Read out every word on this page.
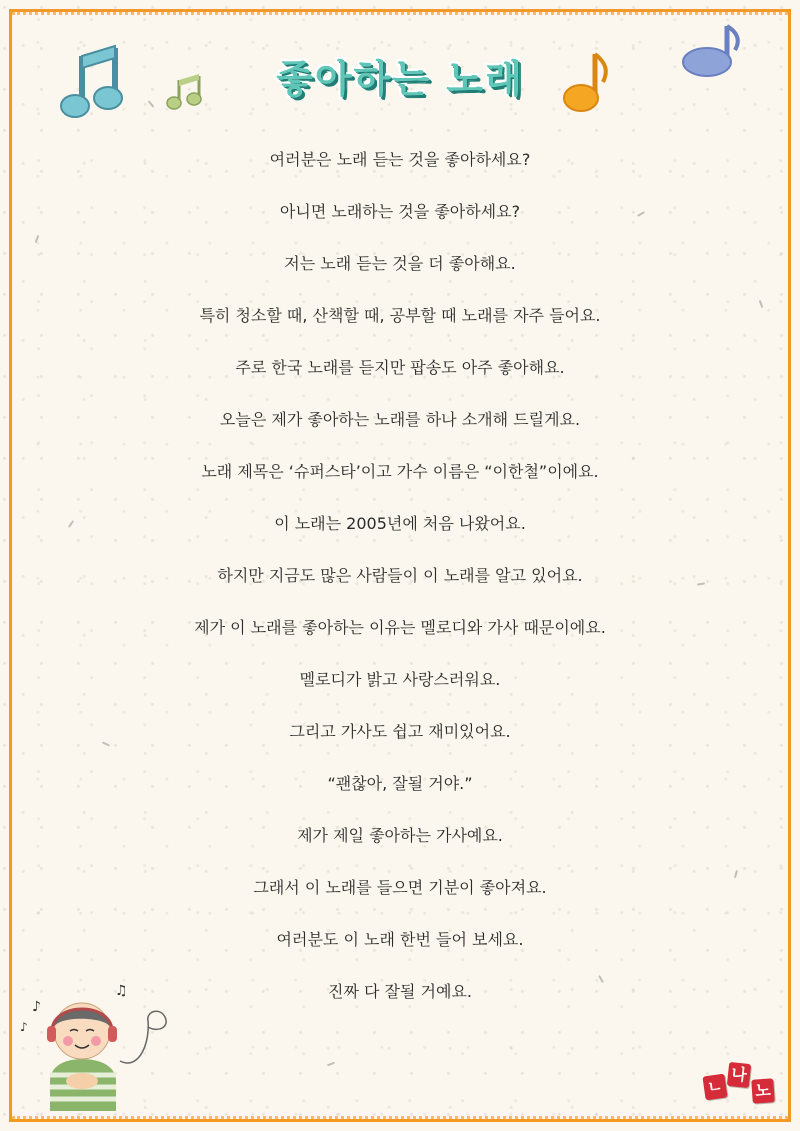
좋아하는 노래
여러분은 노래 듣는 것을 좋아하세요?
아니면 노래하는 것을 좋아하세요?
저는 노래 듣는 것을 더 좋아해요.
특히 청소할 때, 산책할 때, 공부할 때 노래를 자주 들어요.
주로 한국 노래를 듣지만 팝송도 아주 좋아해요.
오늘은 제가 좋아하는 노래를 하나 소개해 드릴게요.
노래 제목은 ‘슈퍼스타’이고 가수 이름은 “이한철”이에요.
이 노래는 2005년에 처음 나왔어요.
하지만 지금도 많은 사람들이 이 노래를 알고 있어요.
제가 이 노래를 좋아하는 이유는 멜로디와 가사 때문이에요.
멜로디가 밝고 사랑스러워요.
그리고 가사도 쉽고 재미있어요.
“괜찮아, 잘될 거야.”
제가 제일 좋아하는 가사예요.
그래서 이 노래를 들으면 기분이 좋아져요.
여러분도 이 노래 한번 들어 보세요.
진짜 다 잘될 거예요.
♪
♪
♫
ㄴ
나
노
